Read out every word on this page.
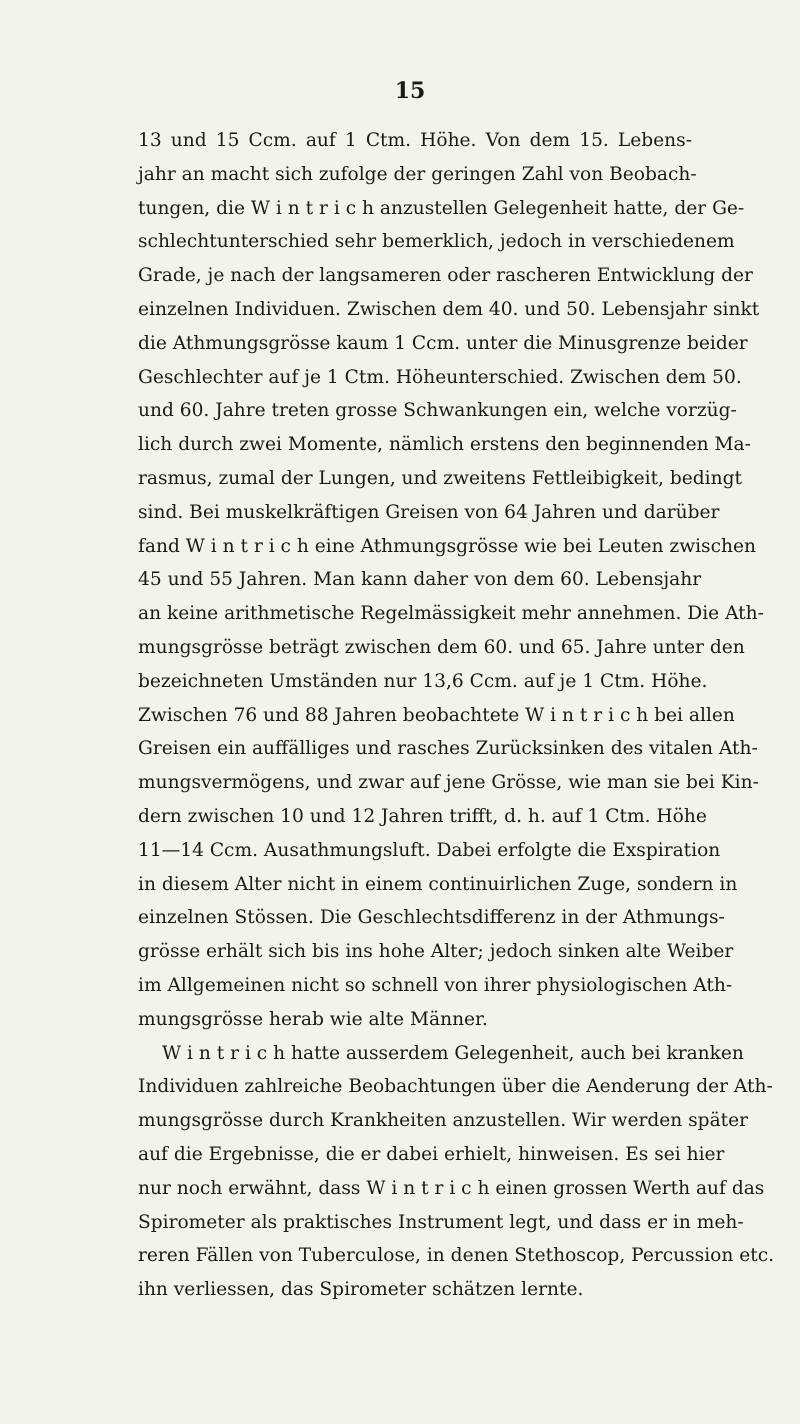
15
13 und 15 Ccm. auf 1 Ctm. Höhe. Von dem 15. Lebens-
jahr an macht sich zufolge der geringen Zahl von Beobach-
tungen, die W i n t r i c h anzustellen Gelegenheit hatte, der Ge-
schlechtunterschied sehr bemerklich, jedoch in verschiedenem
Grade, je nach der langsameren oder rascheren Entwicklung der
einzelnen Individuen. Zwischen dem 40. und 50. Lebensjahr sinkt
die Athmungsgrösse kaum 1 Ccm. unter die Minusgrenze beider
Geschlechter auf je 1 Ctm. Höheunterschied. Zwischen dem 50.
und 60. Jahre treten grosse Schwankungen ein, welche vorzüg-
lich durch zwei Momente, nämlich erstens den beginnenden Ma-
rasmus, zumal der Lungen, und zweitens Fettleibigkeit, bedingt
sind. Bei muskelkräftigen Greisen von 64 Jahren und darüber
fand W i n t r i c h eine Athmungsgrösse wie bei Leuten zwischen
45 und 55 Jahren. Man kann daher von dem 60. Lebensjahr
an keine arithmetische Regelmässigkeit mehr annehmen. Die Ath-
mungsgrösse beträgt zwischen dem 60. und 65. Jahre unter den
bezeichneten Umständen nur 13,6 Ccm. auf je 1 Ctm. Höhe.
Zwischen 76 und 88 Jahren beobachtete W i n t r i c h bei allen
Greisen ein auffälliges und rasches Zurücksinken des vitalen Ath-
mungsvermögens, und zwar auf jene Grösse, wie man sie bei Kin-
dern zwischen 10 und 12 Jahren trifft, d. h. auf 1 Ctm. Höhe
11—14 Ccm. Ausathmungsluft. Dabei erfolgte die Exspiration
in diesem Alter nicht in einem continuirlichen Zuge, sondern in
einzelnen Stössen. Die Geschlechtsdifferenz in der Athmungs-
grösse erhält sich bis ins hohe Alter; jedoch sinken alte Weiber
im Allgemeinen nicht so schnell von ihrer physiologischen Ath-
mungsgrösse herab wie alte Männer.
W i n t r i c h hatte ausserdem Gelegenheit, auch bei kranken
Individuen zahlreiche Beobachtungen über die Aenderung der Ath-
mungsgrösse durch Krankheiten anzustellen. Wir werden später
auf die Ergebnisse, die er dabei erhielt, hinweisen. Es sei hier
nur noch erwähnt, dass W i n t r i c h einen grossen Werth auf das
Spirometer als praktisches Instrument legt, und dass er in meh-
reren Fällen von Tuberculose, in denen Stethoscop, Percussion etc.
ihn verliessen, das Spirometer schätzen lernte.
